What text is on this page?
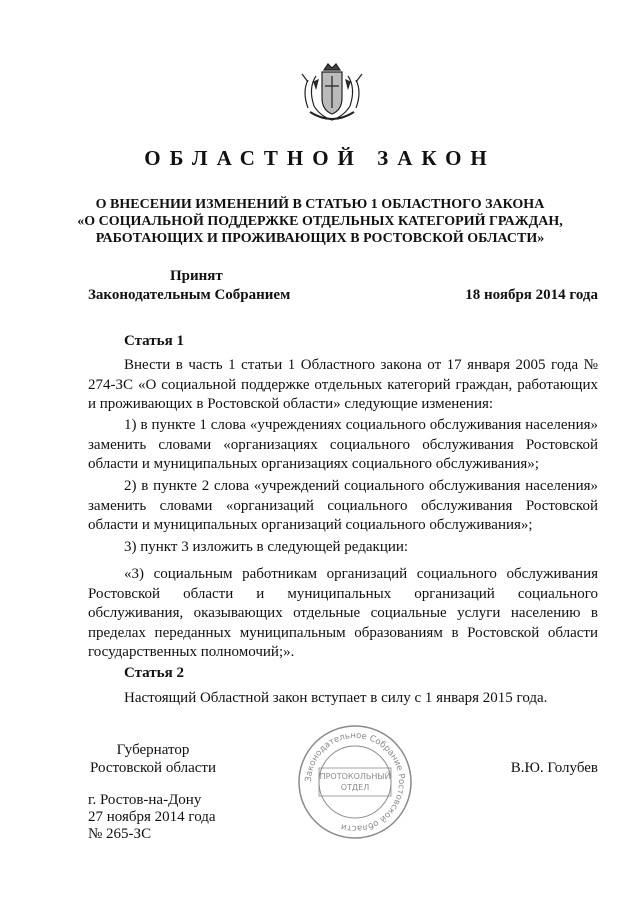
ОБЛАСТНОЙ ЗАКОН
О ВНЕСЕНИИ ИЗМЕНЕНИЙ В СТАТЬЮ 1 ОБЛАСТНОГО ЗАКОНА
«О СОЦИАЛЬНОЙ ПОДДЕРЖКЕ ОТДЕЛЬНЫХ КАТЕГОРИЙ ГРАЖДАН,
РАБОТАЮЩИХ И ПРОЖИВАЮЩИХ В РОСТОВСКОЙ ОБЛАСТИ»
Принят
Законодательным Собранием	18 ноября 2014 года
Статья 1
Внести в часть 1 статьи 1 Областного закона от 17 января 2005 года № 274-ЗС «О социальной поддержке отдельных категорий граждан, работающих и проживающих в Ростовской области» следующие изменения:
1) в пункте 1 слова «учреждениях социального обслуживания населения» заменить словами «организациях социального обслуживания Ростовской области и муниципальных организациях социального обслуживания»;
2) в пункте 2 слова «учреждений социального обслуживания населения» заменить словами «организаций социального обслуживания Ростовской области и муниципальных организаций социального обслуживания»;
3) пункт 3 изложить в следующей редакции:
«3) социальным работникам организаций социального обслуживания Ростовской области и муниципальных организаций социального обслуживания, оказывающих отдельные социальные услуги населению в пределах переданных муниципальным образованиям в Ростовской области государственных полномочий;».
Статья 2
Настоящий Областной закон вступает в силу с 1 января 2015 года.
Губернатор
Ростовской области	В.Ю. Голубев
г. Ростов-на-Дону
27 ноября 2014 года
№ 265-ЗС
Законодательное Собрание Ростовской области
ПРОТОКОЛЬНЫЙ
ОТДЕЛ
